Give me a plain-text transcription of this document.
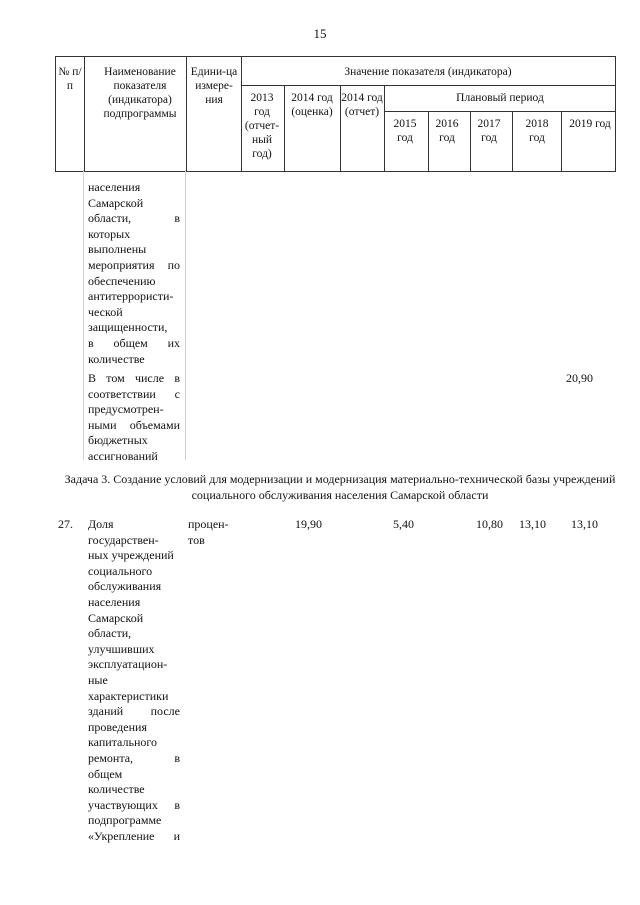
15
№ п/п
Наименование показателя (индикатора) подпрограммы
Едини-ца измере-ния
Значение показателя (индикатора)
2013 год (отчет-ный год)
2014 год (оценка)
2014 год (отчет)
Плановый период
2015 год
2016 год
2017 год
2018 год
2019 год
населения
Самарской
области, в
которых
выполнены
мероприятия по
обеспечению
антитеррористи-
ческой
защищенности,
в общем их
количестве
В том числе в
соответствии с
предусмотрен-
ными объемами
бюджетных
ассигнований
20,90
Задача 3. Создание условий для модернизации и модернизация материально-технической базы учреждений социального обслуживания населения Самарской области
27. Доля
государствен-
ных учреждений
социального
обслуживания
населения
Самарской
области,
улучшивших
эксплуатацион-
ные
характеристики
зданий после
проведения
капитального
ремонта, в
общем
количестве
участвующих в
подпрограмме
«Укрепление и
процен-
тов
19,90	5,40	10,80 13,10 13,10
